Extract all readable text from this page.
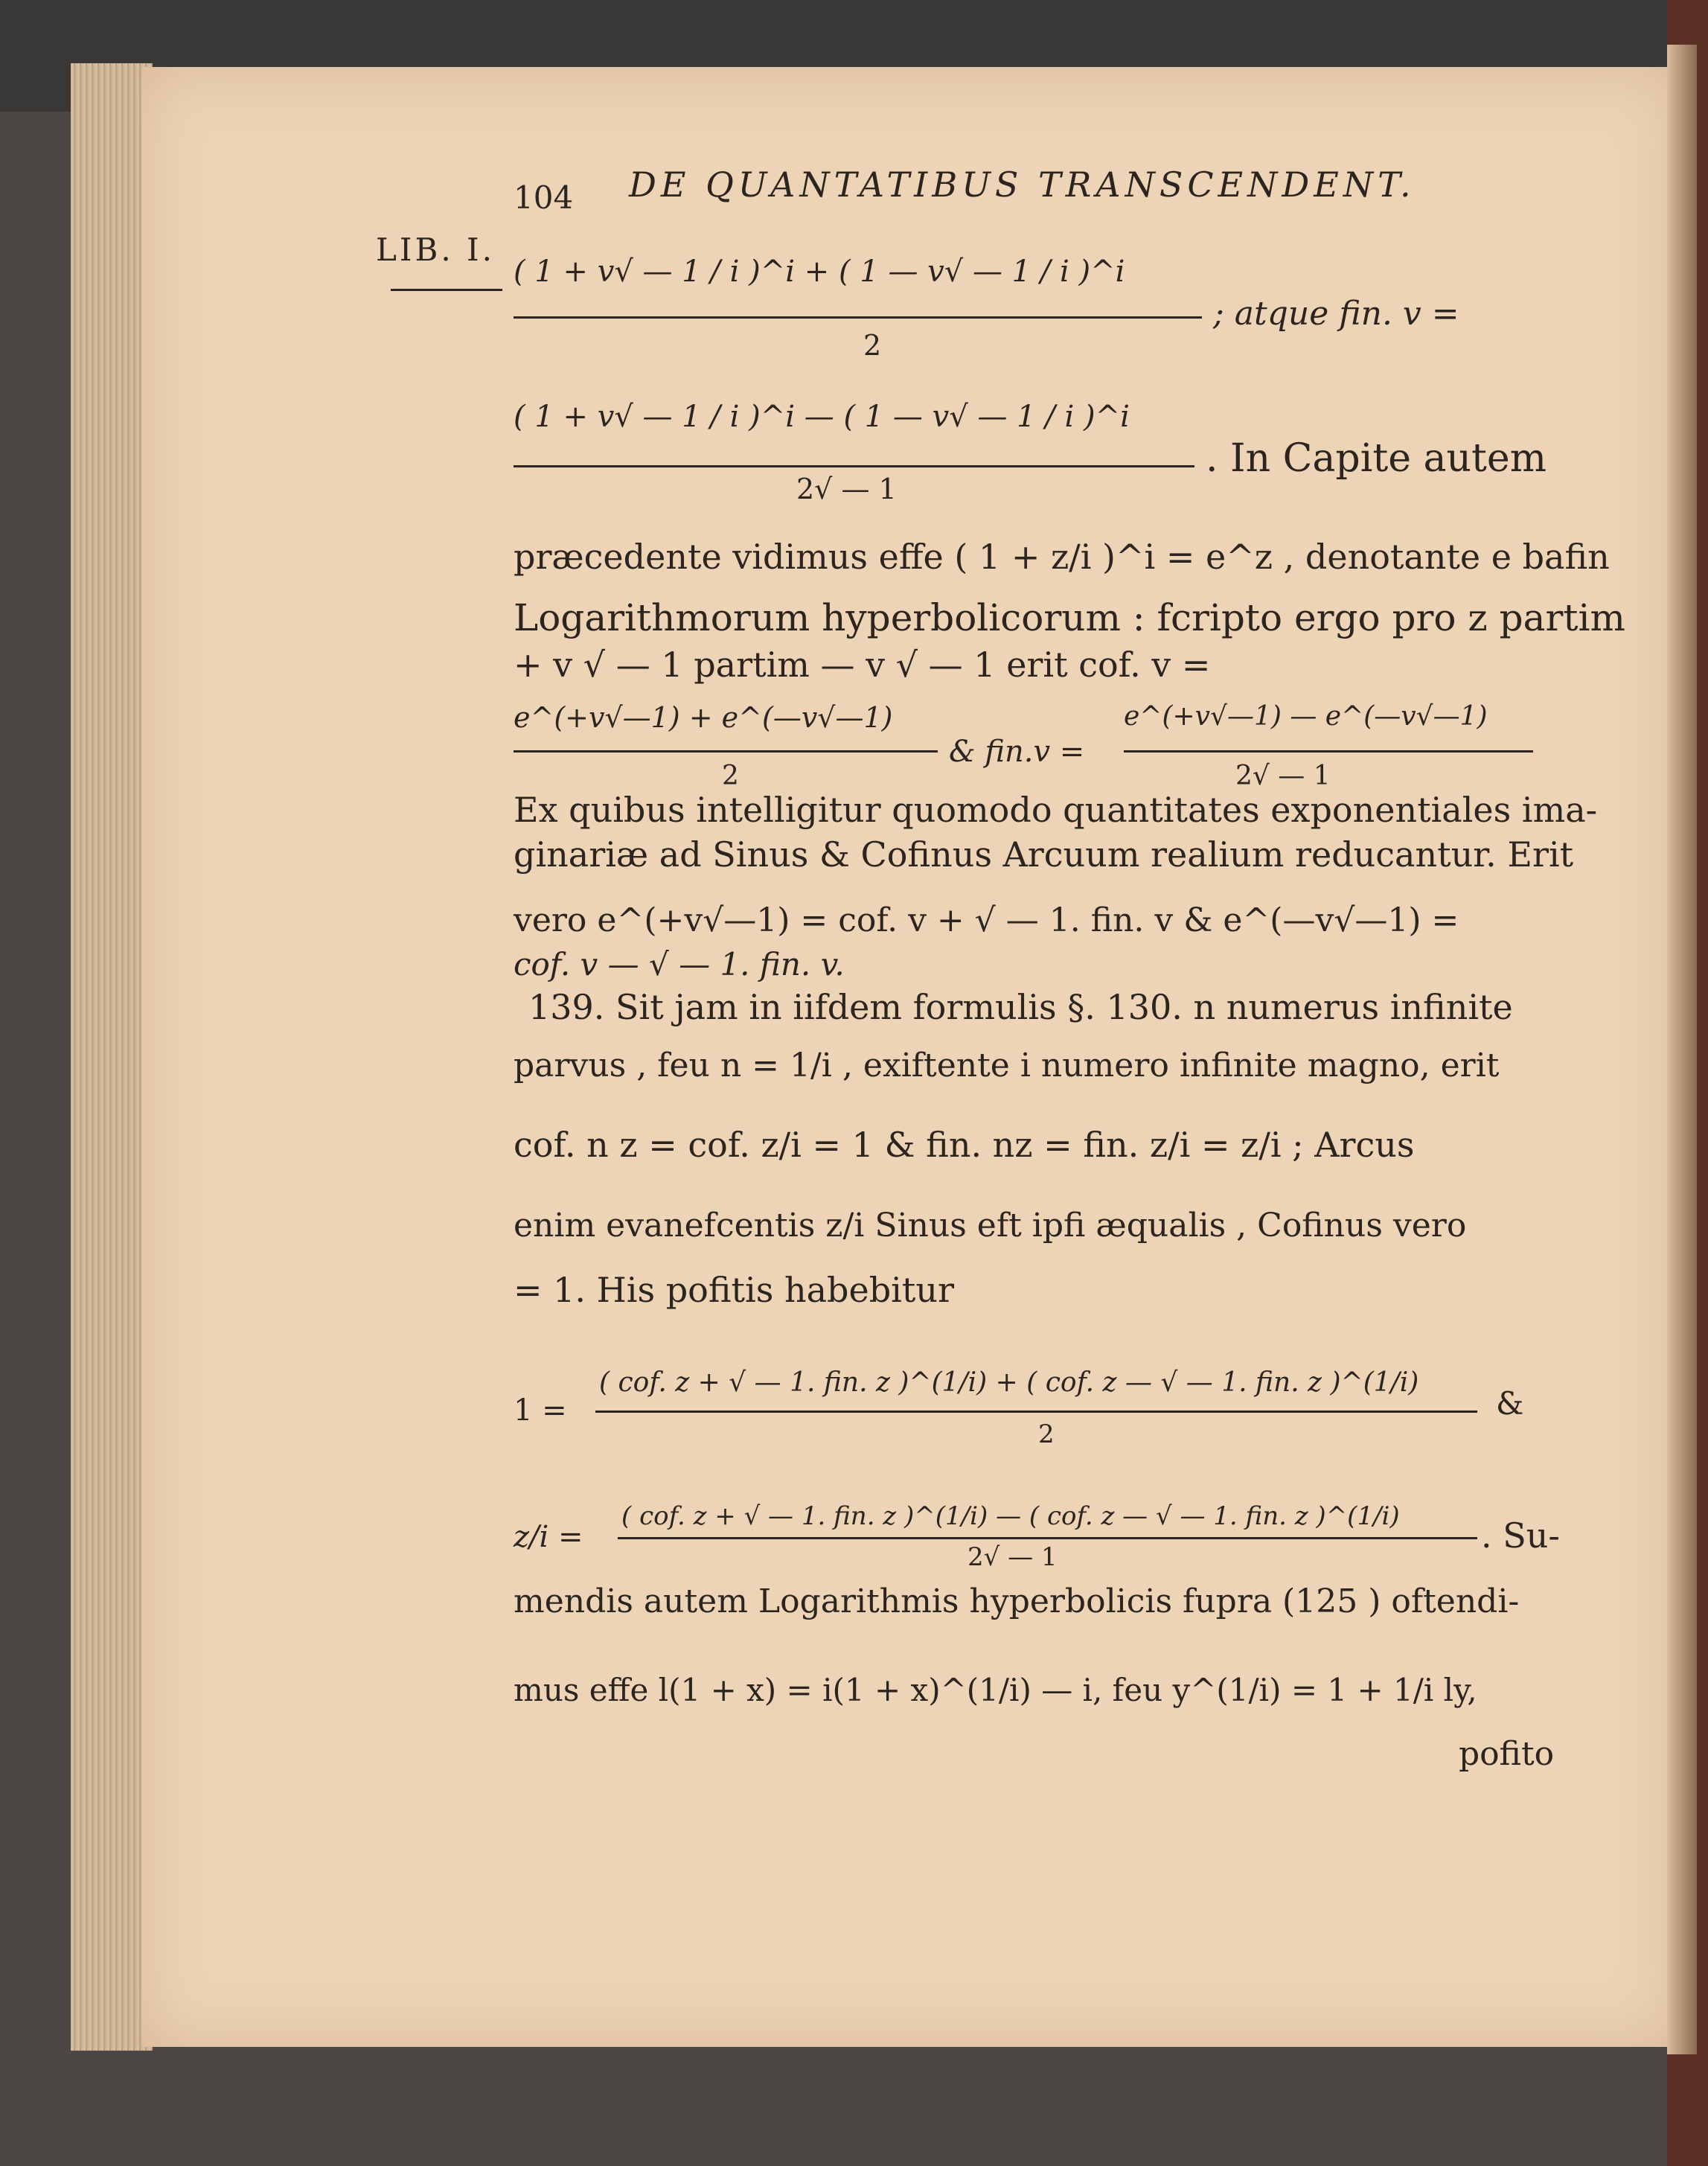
104 DE QUANTATIBUS TRANSCENDENT.
LIB. I.
( 1 + v√ — 1 / i )^i + ( 1 — v√ — 1 / i )^i
2
; atque fin. v =
( 1 + v√ — 1 / i )^i — ( 1 — v√ — 1 / i )^i
2√ — 1
. In Capite autem
præcedente vidimus effe ( 1 + z/i )^i = e^z , denotante e bafin
Logarithmorum hyperbolicorum : fcripto ergo pro z partim
+ v √ — 1 partim — v √ — 1 erit cof. v =
e^(+v√—1) + e^(—v√—1)
2
& fin.v =
e^(+v√—1) — e^(—v√—1)
2√ — 1
Ex quibus intelligitur quomodo quantitates exponentiales ima-
ginariæ ad Sinus & Cofinus Arcuum realium reducantur. Erit
vero e^(+v√—1) = cof. v + √ — 1. fin. v & e^(—v√—1) =
cof. v — √ — 1. fin. v.
139. Sit jam in iifdem formulis §. 130. n numerus infinite
parvus , feu n = 1/i , exiftente i numero infinite magno, erit
cof. n z = cof. z/i = 1 & fin. nz = fin. z/i = z/i ; Arcus
enim evanefcentis z/i Sinus eft ipfi æqualis , Cofinus vero
= 1. His pofitis habebitur
1 =
( cof. z + √ — 1. fin. z )^(1/i) + ( cof. z — √ — 1. fin. z )^(1/i)
2
&
z/i =
( cof. z + √ — 1. fin. z )^(1/i) — ( cof. z — √ — 1. fin. z )^(1/i)
2√ — 1
. Su-
mendis autem Logarithmis hyperbolicis fupra (125 ) oftendi-
mus effe l(1 + x) = i(1 + x)^(1/i) — i, feu y^(1/i) = 1 + 1/i ly,
pofito
